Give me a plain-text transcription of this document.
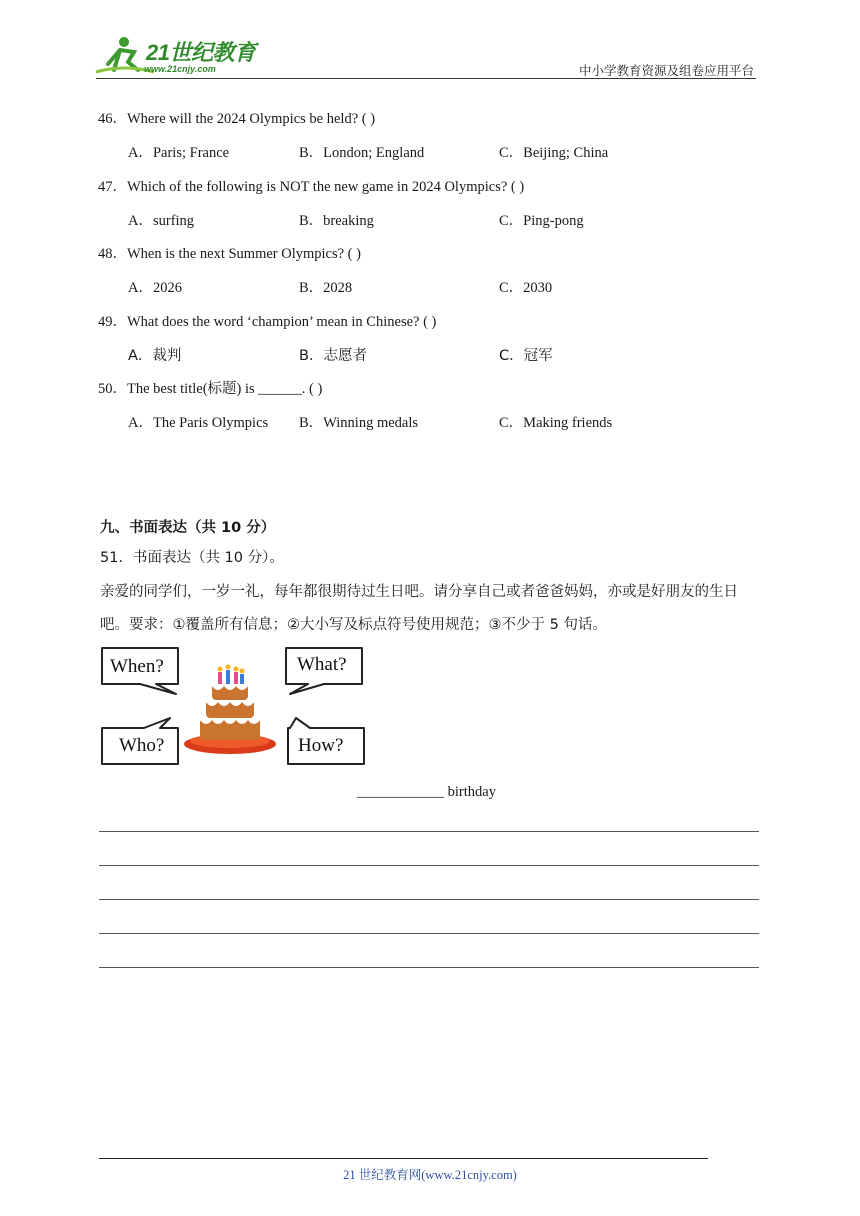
21世纪教育
www.21cnjy.com	中小学教育资源及组卷应用平台
46．Where will the 2024 Olympics be held? ( )
A．Paris; France	B．London; England	C．Beijing; China
47．Which of the following is NOT the new game in 2024 Olympics? ( )
A．surfing	B．breaking	C．Ping-pong
48．When is the next Summer Olympics? ( )
A．2026	B．2028	C．2030
49．What does the word ‘champion’ mean in Chinese? ( )
A．裁判	B．志愿者	C．冠军
50．The best title(标题) is ______. ( )
A．The Paris Olympics B．Winning medals	C．Making friends
九、书面表达（共 10 分）
51．书面表达（共 10 分）。
亲爱的同学们，一岁一礼，每年都很期待过生日吧。请分享自己或者爸爸妈妈，亦或是好朋友的生日
吧。要求：①覆盖所有信息；②大小写及标点符号使用规范；③不少于 5 句话。
When?	What?
Who?	How?
____________ birthday
21 世纪教育网(www.21cnjy.com)
